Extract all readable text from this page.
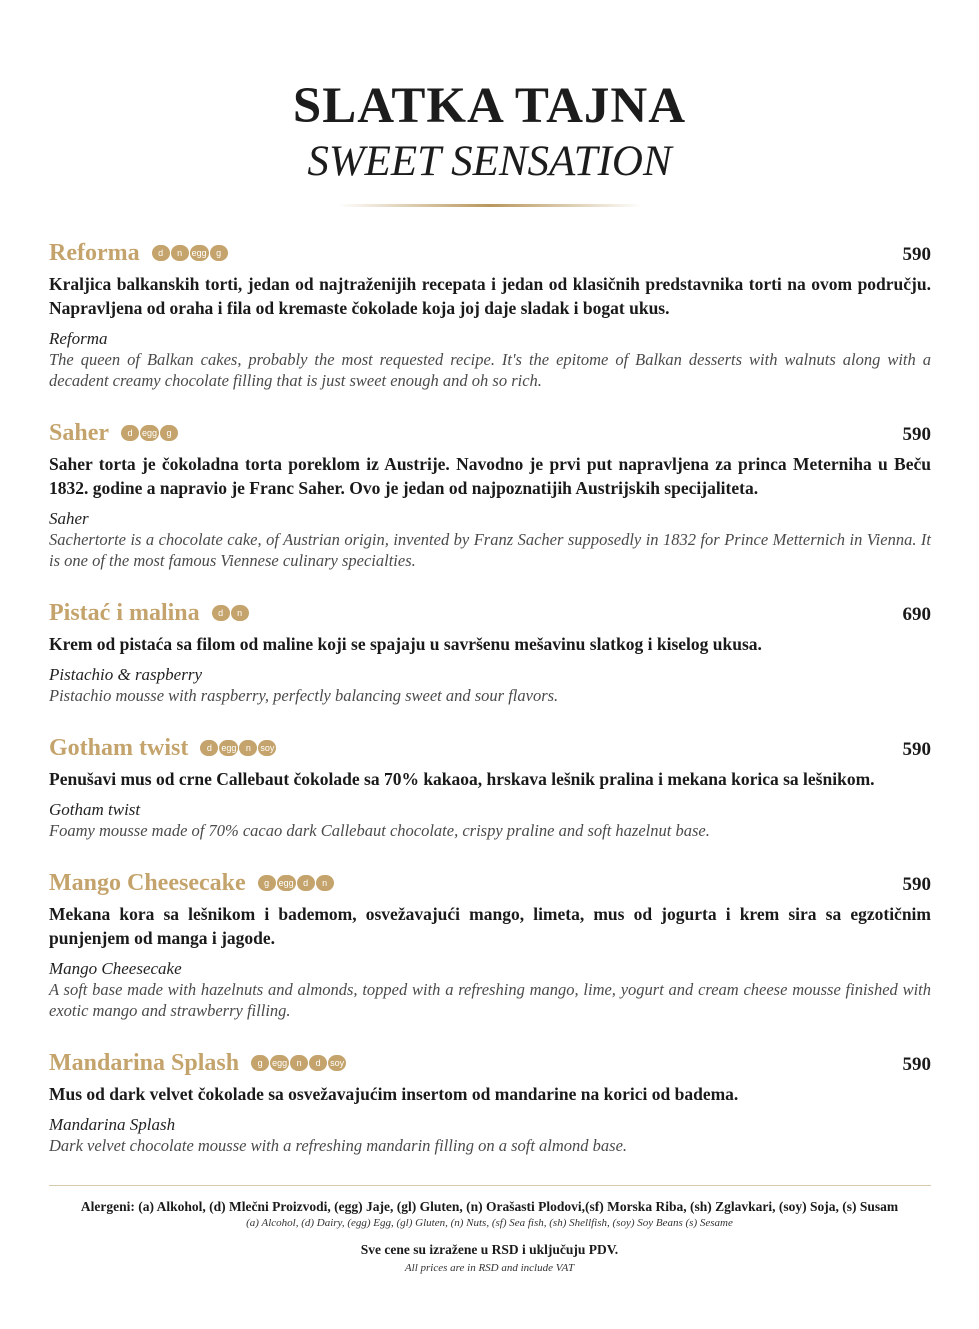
SLATKA TAJNA
SWEET SENSATION
Reforma d n egg g	590
Kraljica balkanskih torti, jedan od najtraženijih recepata i jedan od klasičnih predstavnika torti na ovom području. Napravljena od oraha i fila od kremaste čokolade koja joj daje sladak i bogat ukus.
Reforma
The queen of Balkan cakes, probably the most requested recipe. It's the epitome of Balkan desserts with walnuts along with a decadent creamy chocolate filling that is just sweet enough and oh so rich.
Saher d egg g	590
Saher torta je čokoladna torta poreklom iz Austrije. Navodno je prvi put napravljena za princa Meterniha u Beču 1832. godine a napravio je Franc Saher. Ovo je jedan od najpoznatijih Austrijskih specijaliteta.
Saher
Sachertorte is a chocolate cake, of Austrian origin, invented by Franz Sacher supposedly in 1832 for Prince Metternich in Vienna. It is one of the most famous Viennese culinary specialties.
Pistać i malina d n	690
Krem od pistaća sa filom od maline koji se spajaju u savršenu mešavinu slatkog i kiselog ukusa.
Pistachio & raspberry
Pistachio mousse with raspberry, perfectly balancing sweet and sour flavors.
Gotham twist d egg n soy	590
Penušavi mus od crne Callebaut čokolade sa 70% kakaoa, hrskava lešnik pralina i mekana korica sa lešnikom.
Gotham twist
Foamy mousse made of 70% cacao dark Callebaut chocolate, crispy praline and soft hazelnut base.
Mango Cheesecake g egg d n	590
Mekana kora sa lešnikom i bademom, osvežavajući mango, limeta, mus od jogurta i krem sira sa egzotičnim punjenjem od manga i jagode.
Mango Cheesecake
A soft base made with hazelnuts and almonds, topped with a refreshing mango, lime, yogurt and cream cheese mousse finished with exotic mango and strawberry filling.
Mandarina Splash g egg n d soy	590
Mus od dark velvet čokolade sa osvežavajućim insertom od mandarine na korici od badema.
Mandarina Splash
Dark velvet chocolate mousse with a refreshing mandarin filling on a soft almond base.
Alergeni: (a) Alkohol, (d) Mlečni Proizvodi, (egg) Jaje, (gl) Gluten, (n) Orašasti Plodovi,(sf) Morska Riba, (sh) Zglavkari, (soy) Soja, (s) Susam
(a) Alcohol, (d) Dairy, (egg) Egg, (gl) Gluten, (n) Nuts, (sf) Sea fish, (sh) Shellfish, (soy) Soy Beans (s) Sesame
Sve cene su izražene u RSD i uključuju PDV.
All prices are in RSD and include VAT
